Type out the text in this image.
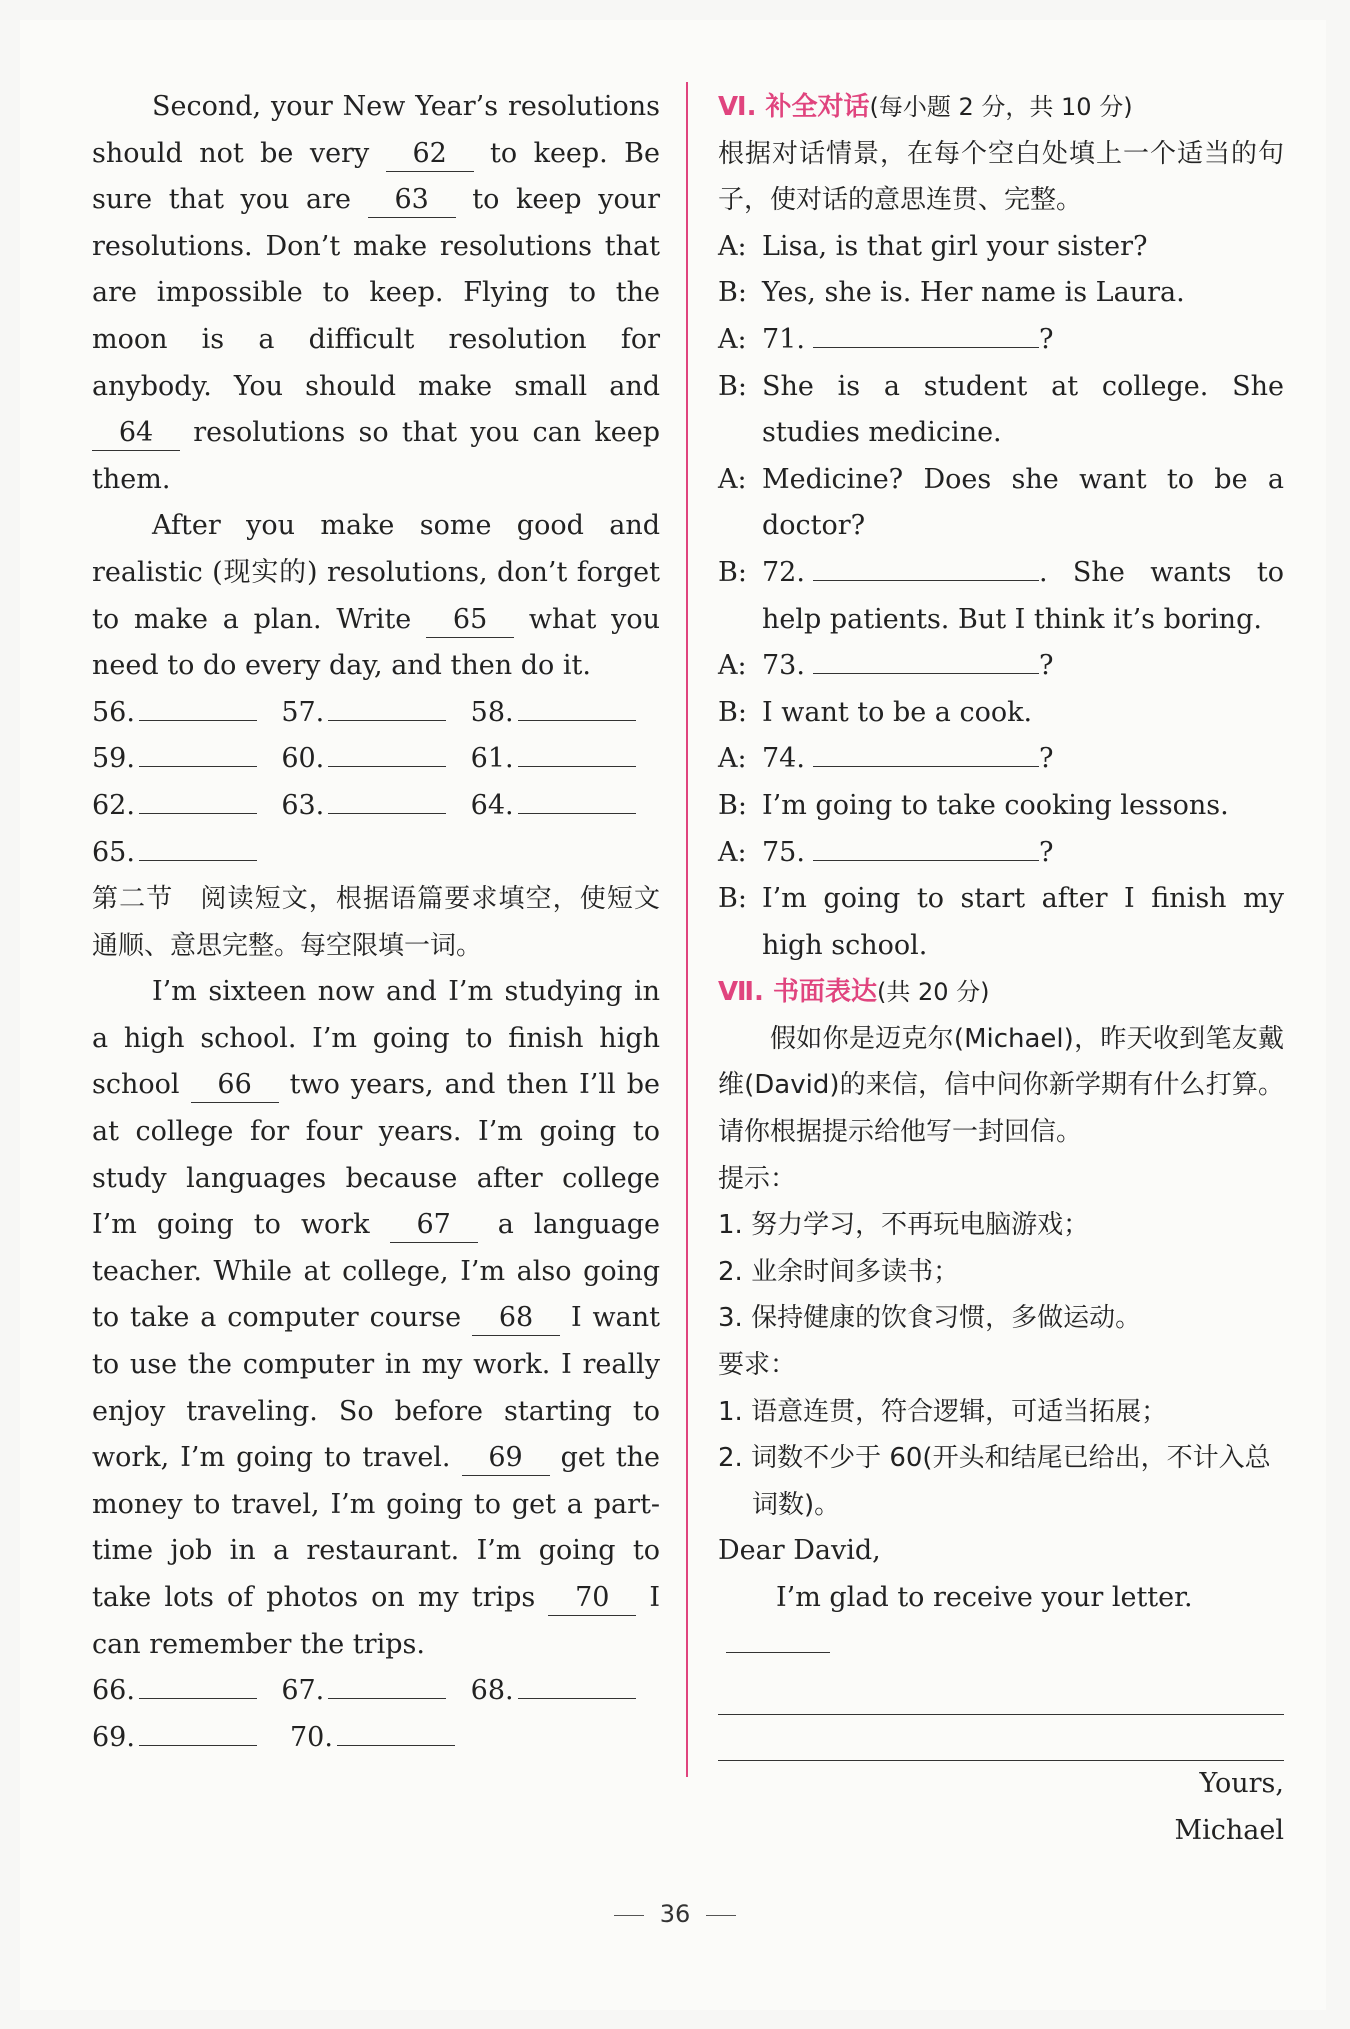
Second, your New Year’s resolutions should not be very 62 to keep. Be sure that you are 63 to keep your resolutions. Don’t make resolutions that are impossible to keep. Flying to the moon is a difficult resolution for anybody. You should make small and 64 resolutions so that you can keep them.

After you make some good and realistic (现实的) resolutions, don’t forget to make a plan. Write 65 what you need to do every day, and then do it.

56.	57.	58.
59.	60.	61.
62.	63.	64.
65.

第二节　阅读短文，根据语篇要求填空，使短文通顺、意思完整。每空限填一词。

I’m sixteen now and I’m studying in a high school. I’m going to finish high school 66 two years, and then I’ll be at college for four years. I’m going to study languages because after college I’m going to work 67 a language teacher. While at college, I’m also going to take a computer course 68 I want to use the computer in my work. I really enjoy traveling. So before starting to work, I’m going to travel. 69 get the money to travel, I’m going to get a part-time job in a restaurant. I’m going to take lots of photos on my trips 70 I can remember the trips.

66.	67.	68.
69.	70.

Ⅵ. 补全对话(每小题 2 分，共 10 分)

根据对话情景，在每个空白处填上一个适当的句子，使对话的意思连贯、完整。

A: Lisa, is that girl your sister?
B: Yes, she is. Her name is Laura.
A: 71.	?
B: She is a student at college. She studies medicine.
A: Medicine? Does she want to be a doctor?
B: 72.	. She wants to help patients. But I think it’s boring.
A: 73.	?
B: I want to be a cook.
A: 74.	?
B: I’m going to take cooking lessons.
A: 75.	?
B: I’m going to start after I finish my high school.

Ⅶ. 书面表达(共 20 分)

假如你是迈克尔(Michael)，昨天收到笔友戴维(David)的来信，信中问你新学期有什么打算。请你根据提示给他写一封回信。

提示：

1. 努力学习，不再玩电脑游戏；

2. 业余时间多读书；

3. 保持健康的饮食习惯，多做运动。

要求：

1. 语意连贯，符合逻辑，可适当拓展；

2. 词数不少于 60(开头和结尾已给出，不计入总词数)。

Dear David,

I’m glad to receive your letter.

Yours,

Michael

36
